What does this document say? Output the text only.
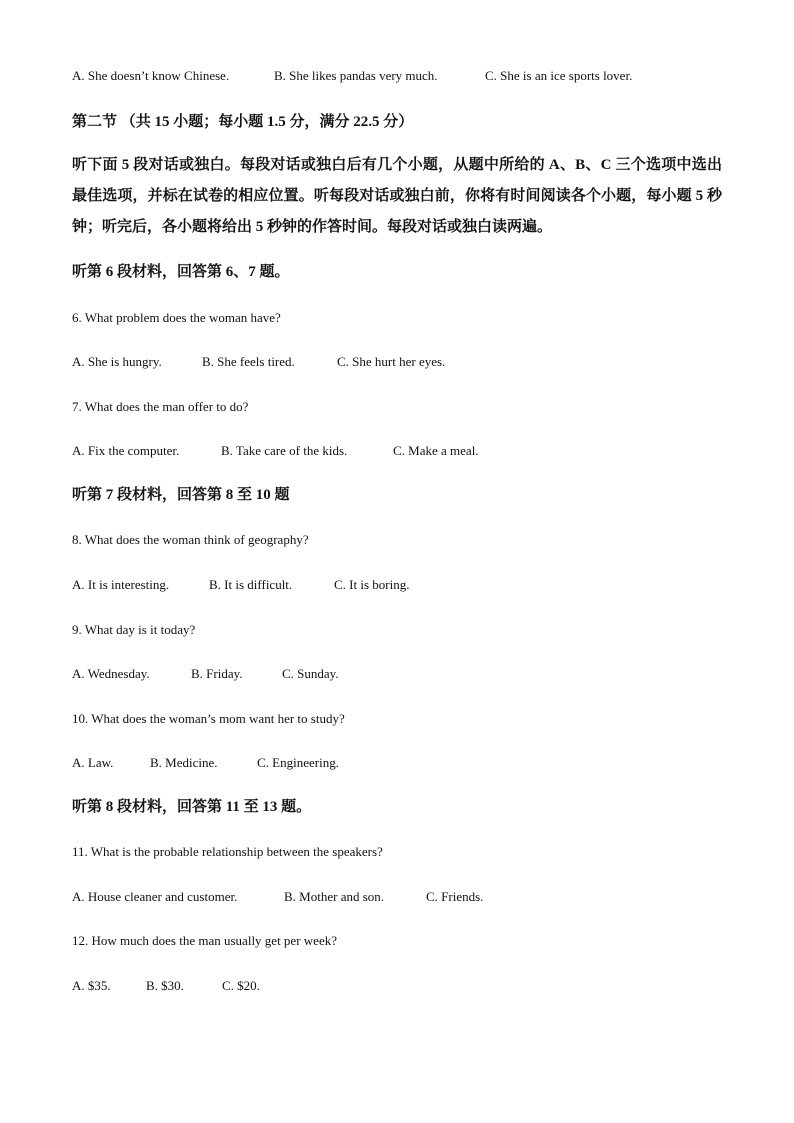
A. She doesn’t know Chinese.	B. She likes pandas very much.	C. She is an ice sports lover.
第二节 （共 15 小题；每小题 1.5 分，满分 22.5 分）
听下面 5 段对话或独白。每段对话或独白后有几个小题，从题中所给的 A、B、C 三个选项中选出最佳选项，并标在试卷的相应位置。听每段对话或独白前，你将有时间阅读各个小题，每小题 5 秒钟；听完后，各小题将给出 5 秒钟的作答时间。每段对话或独白读两遍。
听第 6 段材料，回答第 6、7 题。
6. What problem does the woman have?
A. She is hungry.	B. She feels tired.	C. She hurt her eyes.
7. What does the man offer to do?
A. Fix the computer.	B. Take care of the kids.	C. Make a meal.
听第 7 段材料，回答第 8 至 10 题
8. What does the woman think of geography?
A. It is interesting.	B. It is difficult.	C. It is boring.
9. What day is it today?
A. Wednesday.	B. Friday.	C. Sunday.
10. What does the woman’s mom want her to study?
A. Law.	B. Medicine.	C. Engineering.
听第 8 段材料，回答第 11 至 13 题。
11. What is the probable relationship between the speakers?
A. House cleaner and customer.	B. Mother and son.	C. Friends.
12. How much does the man usually get per week?
A. $35.	B. $30.	C. $20.
